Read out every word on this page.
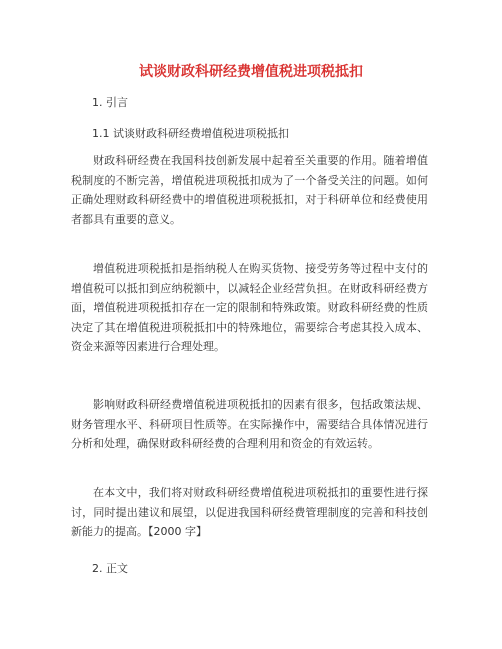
试谈财政科研经费增值税进项税抵扣
1. 引言
1.1 试谈财政科研经费增值税进项税抵扣
财政科研经费在我国科技创新发展中起着至关重要的作用。随着增值税制度的不断完善，增值税进项税抵扣成为了一个备受关注的问题。如何正确处理财政科研经费中的增值税进项税抵扣，对于科研单位和经费使用者都具有重要的意义。
增值税进项税抵扣是指纳税人在购买货物、接受劳务等过程中支付的增值税可以抵扣到应纳税额中，以减轻企业经营负担。在财政科研经费方面，增值税进项税抵扣存在一定的限制和特殊政策。财政科研经费的性质决定了其在增值税进项税抵扣中的特殊地位，需要综合考虑其投入成本、资金来源等因素进行合理处理。
影响财政科研经费增值税进项税抵扣的因素有很多，包括政策法规、财务管理水平、科研项目性质等。在实际操作中，需要结合具体情况进行分析和处理，确保财政科研经费的合理利用和资金的有效运转。
在本文中，我们将对财政科研经费增值税进项税抵扣的重要性进行探讨，同时提出建议和展望，以促进我国科研经费管理制度的完善和科技创新能力的提高。【2000 字】
2. 正文
